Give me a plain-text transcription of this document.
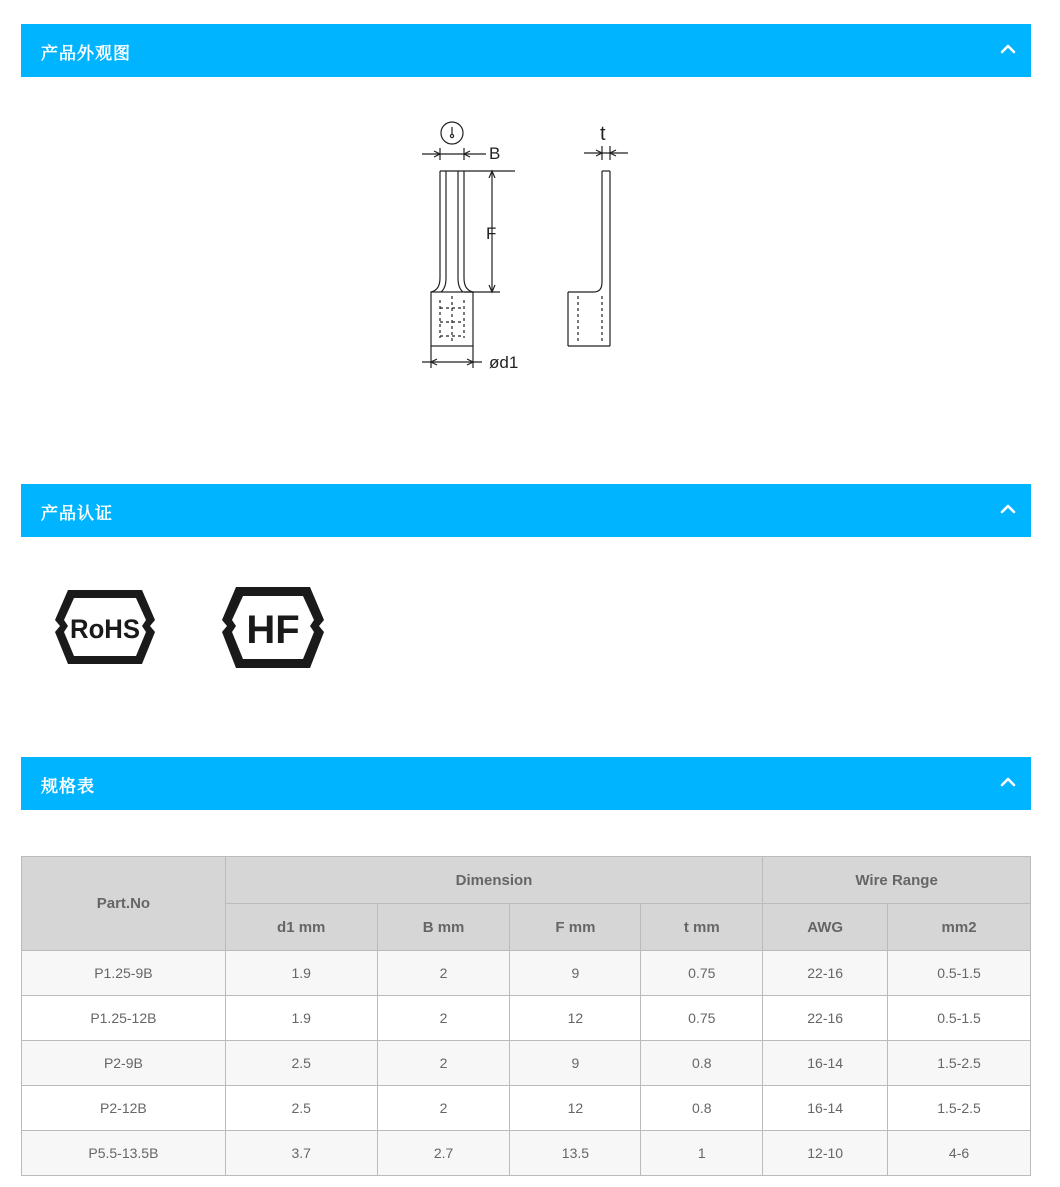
产品外观图
B
F
t
ød1
产品认证
RoHS	HF
规格表
Part.No	Dimension				Wire Range	
	d1 mm	B mm	F mm	t mm	AWG	mm2
P1.25-9B	1.9	2	9	0.75	22-16	0.5-1.5
P1.25-12B	1.9	2	12	0.75	22-16	0.5-1.5
P2-9B	2.5	2	9	0.8	16-14	1.5-2.5
P2-12B	2.5	2	12	0.8	16-14	1.5-2.5
P5.5-13.5B	3.7	2.7	13.5	1	12-10	4-6
